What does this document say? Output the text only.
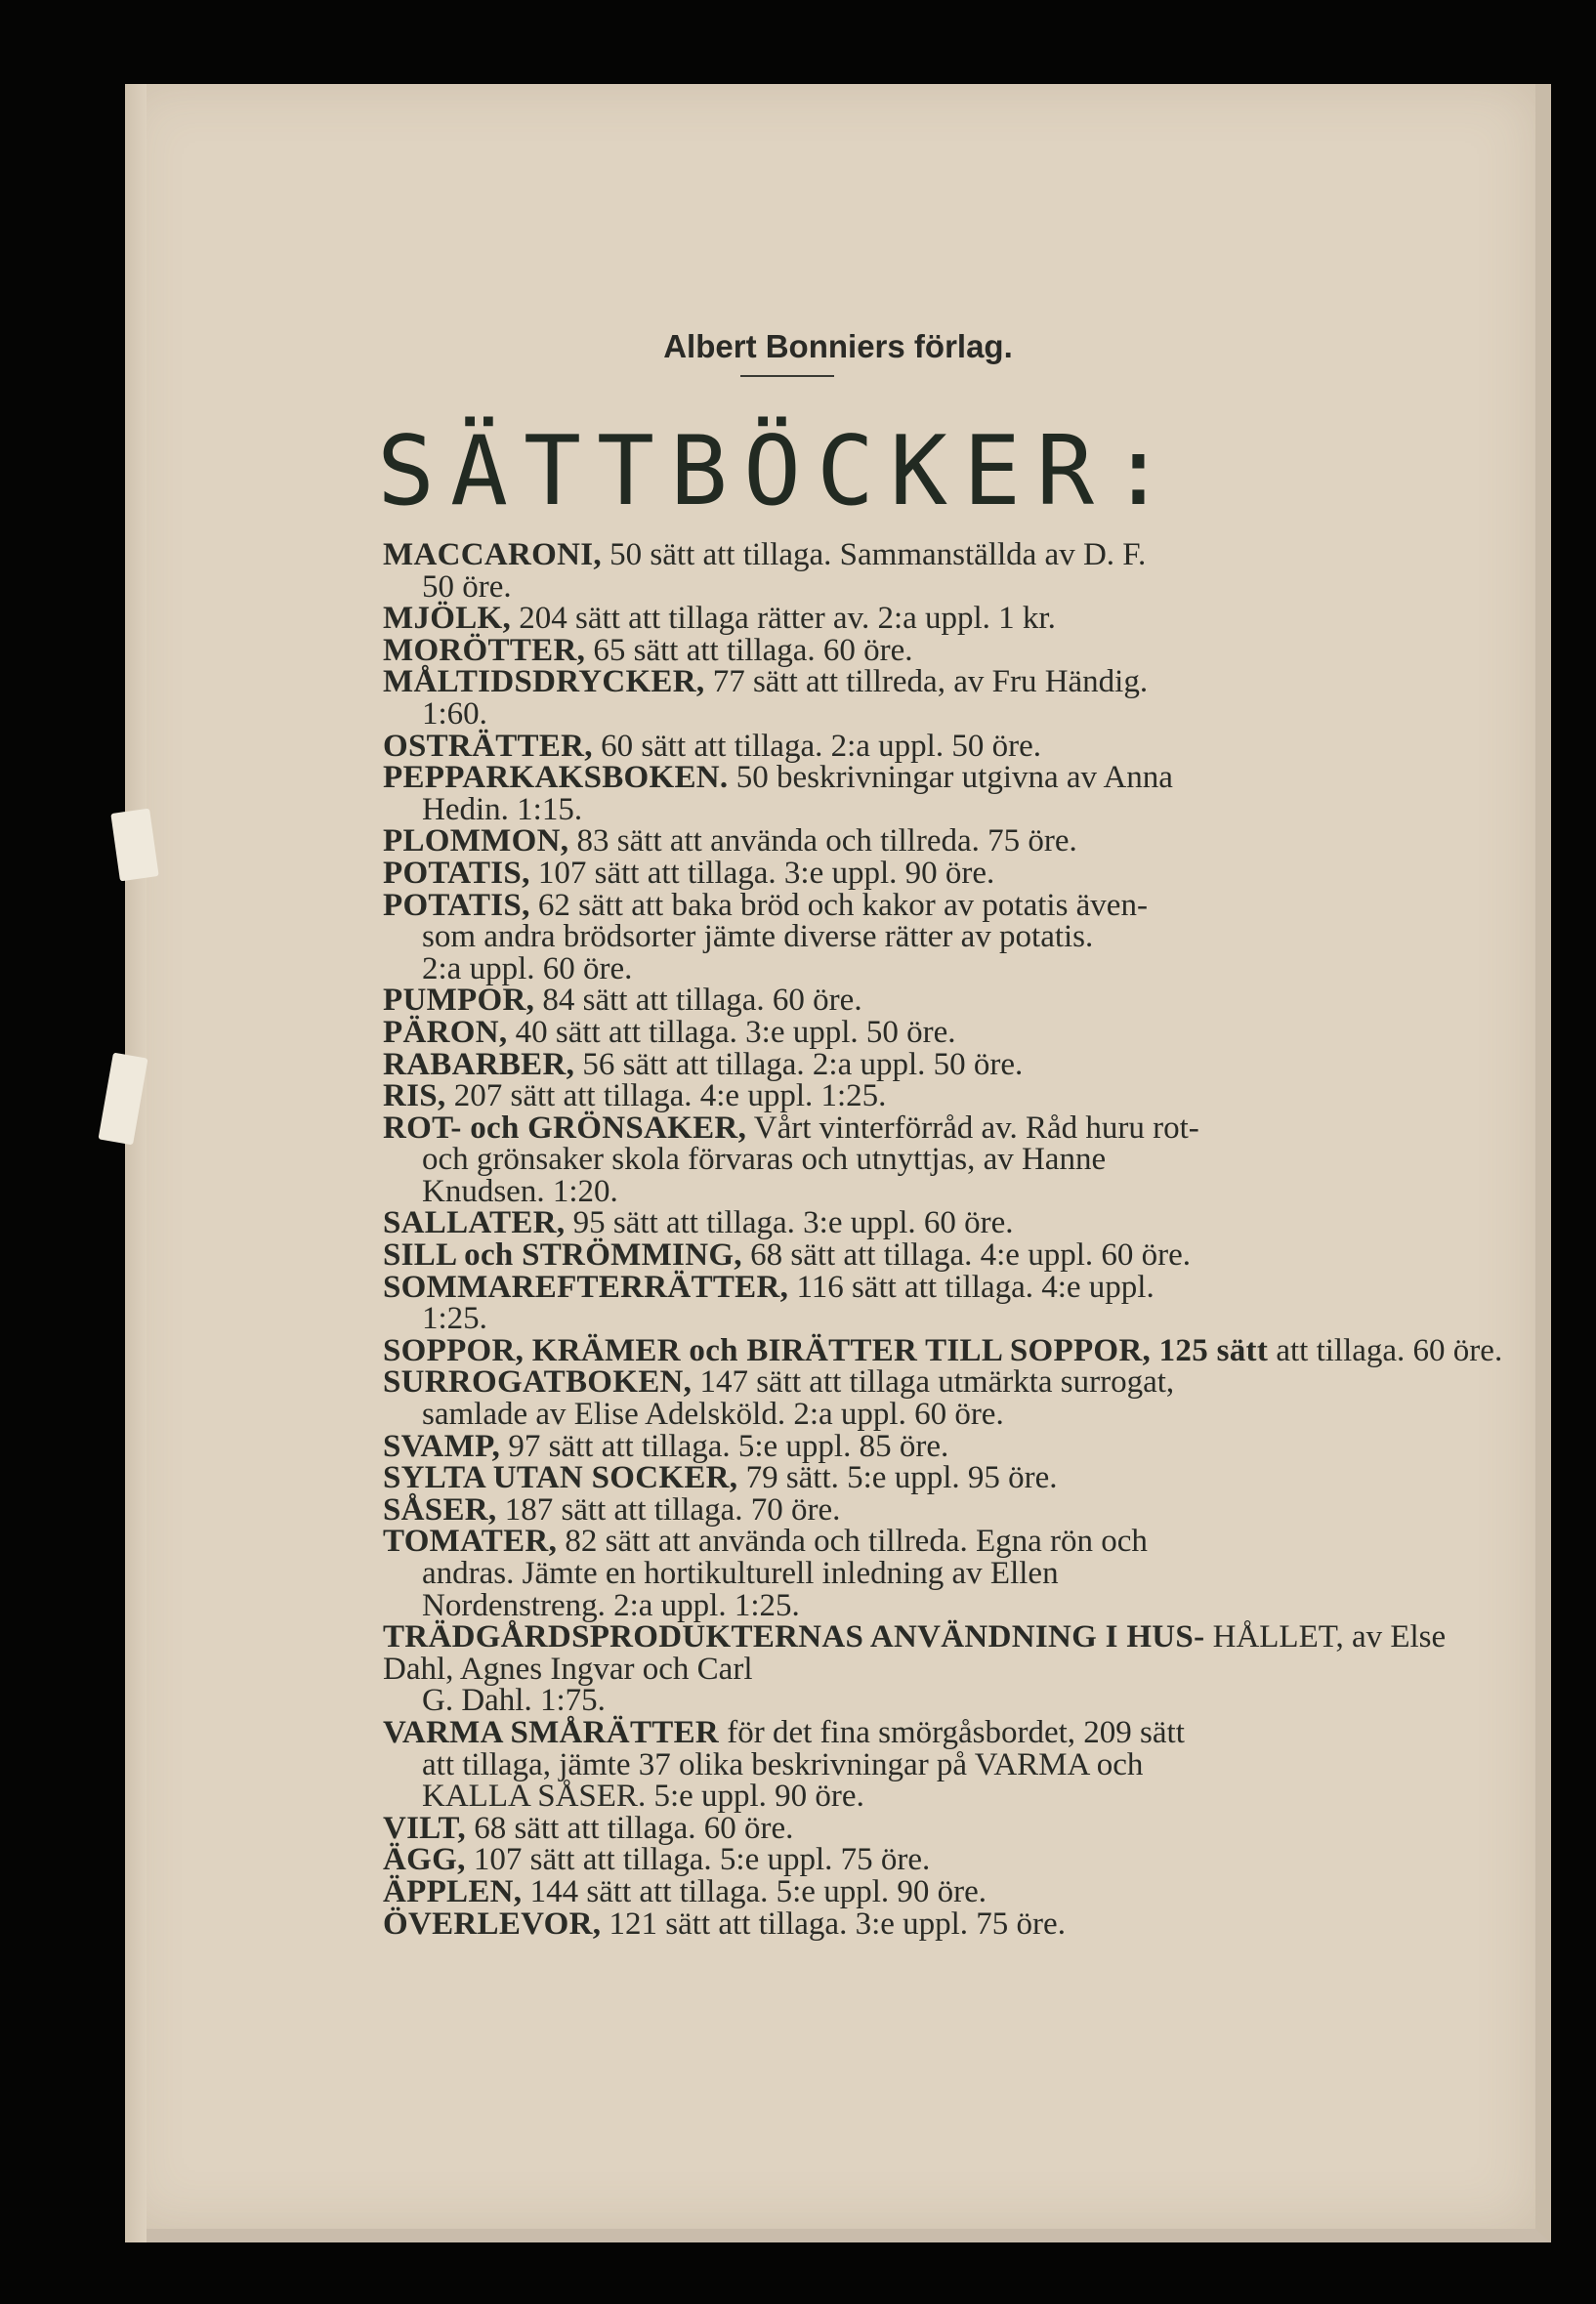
Albert Bonniers förlag.
SÄTTBÖCKER:
MACCARONI, 50 sätt att tillaga. Sammanställda av D. F.
50 öre.
MJÖLK, 204 sätt att tillaga rätter av. 2:a uppl. 1 kr.
MORÖTTER, 65 sätt att tillaga. 60 öre.
MÅLTIDSDRYCKER, 77 sätt att tillreda, av Fru Händig.
1:60.
OSTRÄTTER, 60 sätt att tillaga. 2:a uppl. 50 öre.
PEPPARKAKSBOKEN. 50 beskrivningar utgivna av Anna
Hedin. 1:15.
PLOMMON, 83 sätt att använda och tillreda. 75 öre.
POTATIS, 107 sätt att tillaga. 3:e uppl. 90 öre.
POTATIS, 62 sätt att baka bröd och kakor av potatis även-
som andra brödsorter jämte diverse rätter av potatis.
2:a uppl. 60 öre.
PUMPOR, 84 sätt att tillaga. 60 öre.
PÄRON, 40 sätt att tillaga. 3:e uppl. 50 öre.
RABARBER, 56 sätt att tillaga. 2:a uppl. 50 öre.
RIS, 207 sätt att tillaga. 4:e uppl. 1:25.
ROT- och GRÖNSAKER, Vårt vinterförråd av. Råd huru rot-
och grönsaker skola förvaras och utnyttjas, av Hanne
Knudsen. 1:20.
SALLATER, 95 sätt att tillaga. 3:e uppl. 60 öre.
SILL och STRÖMMING, 68 sätt att tillaga. 4:e uppl. 60 öre.
SOMMAREFTERRÄTTER, 116 sätt att tillaga. 4:e uppl.
1:25.
SOPPOR, KRÄMER och BIRÄTTER TILL SOPPOR, 125 sätt att tillaga. 60 öre.
SURROGATBOKEN, 147 sätt att tillaga utmärkta surrogat,
samlade av Elise Adelsköld. 2:a uppl. 60 öre.
SVAMP, 97 sätt att tillaga. 5:e uppl. 85 öre.
SYLTA UTAN SOCKER, 79 sätt. 5:e uppl. 95 öre.
SÅSER, 187 sätt att tillaga. 70 öre.
TOMATER, 82 sätt att använda och tillreda. Egna rön och
andras. Jämte en hortikulturell inledning av Ellen
Nordenstreng. 2:a uppl. 1:25.
TRÄDGÅRDSPRODUKTERNAS ANVÄNDNING I HUS- HÅLLET, av Else Dahl, Agnes Ingvar och Carl
G. Dahl. 1:75.
VARMA SMÅRÄTTER för det fina smörgåsbordet, 209 sätt
att tillaga, jämte 37 olika beskrivningar på VARMA och
KALLA SÅSER. 5:e uppl. 90 öre.
VILT, 68 sätt att tillaga. 60 öre.
ÄGG, 107 sätt att tillaga. 5:e uppl. 75 öre.
ÄPPLEN, 144 sätt att tillaga. 5:e uppl. 90 öre.
ÖVERLEVOR, 121 sätt att tillaga. 3:e uppl. 75 öre.
